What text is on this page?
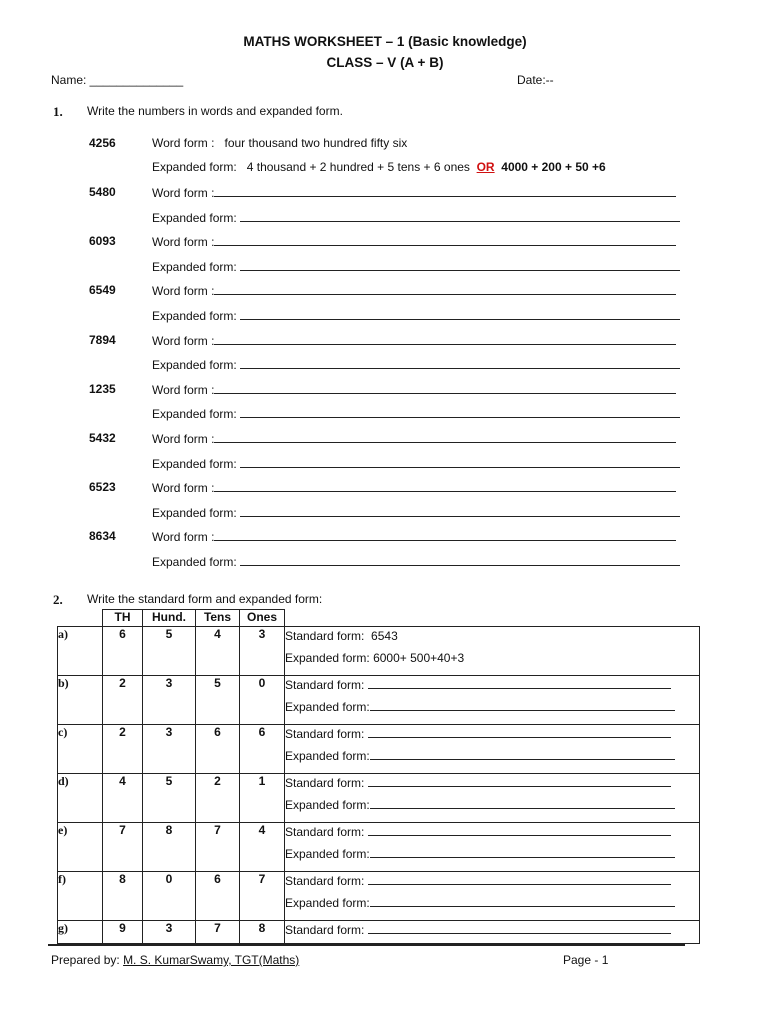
MATHS WORKSHEET – 1 (Basic knowledge)
CLASS – V (A + B)
Name: ______________	Date:--
1. Write the numbers in words and expanded form.
4256	Word form : four thousand two hundred fifty six
Expanded form: 4 thousand + 2 hundred + 5 tens + 6 ones OR 4000 + 200 + 50 +6
5480	Word form :
Expanded form:
6093	Word form :
Expanded form:
6549	Word form :
Expanded form:
7894	Word form :
Expanded form:
1235	Word form :
Expanded form:
5432	Word form :
Expanded form:
6523	Word form :
Expanded form:
8634	Word form :
Expanded form:
2. Write the standard form and expanded form:
	TH	Hund.	Tens	Ones	
a)	6	5	4	3	Standard form: 6543
Expanded form: 6000+ 500+40+3

b)	2	3	5	0	Standard form:
Expanded form:

c)	2	3	6	6	Standard form:
Expanded form:

d)	4	5	2	1	Standard form:
Expanded form:

e)	7	8	7	4	Standard form:
Expanded form:

f)	8	0	6	7	Standard form:
Expanded form:

g)	9	3	7	8	Standard form:
Prepared by: M. S. KumarSwamy, TGT(Maths)	Page - 1
